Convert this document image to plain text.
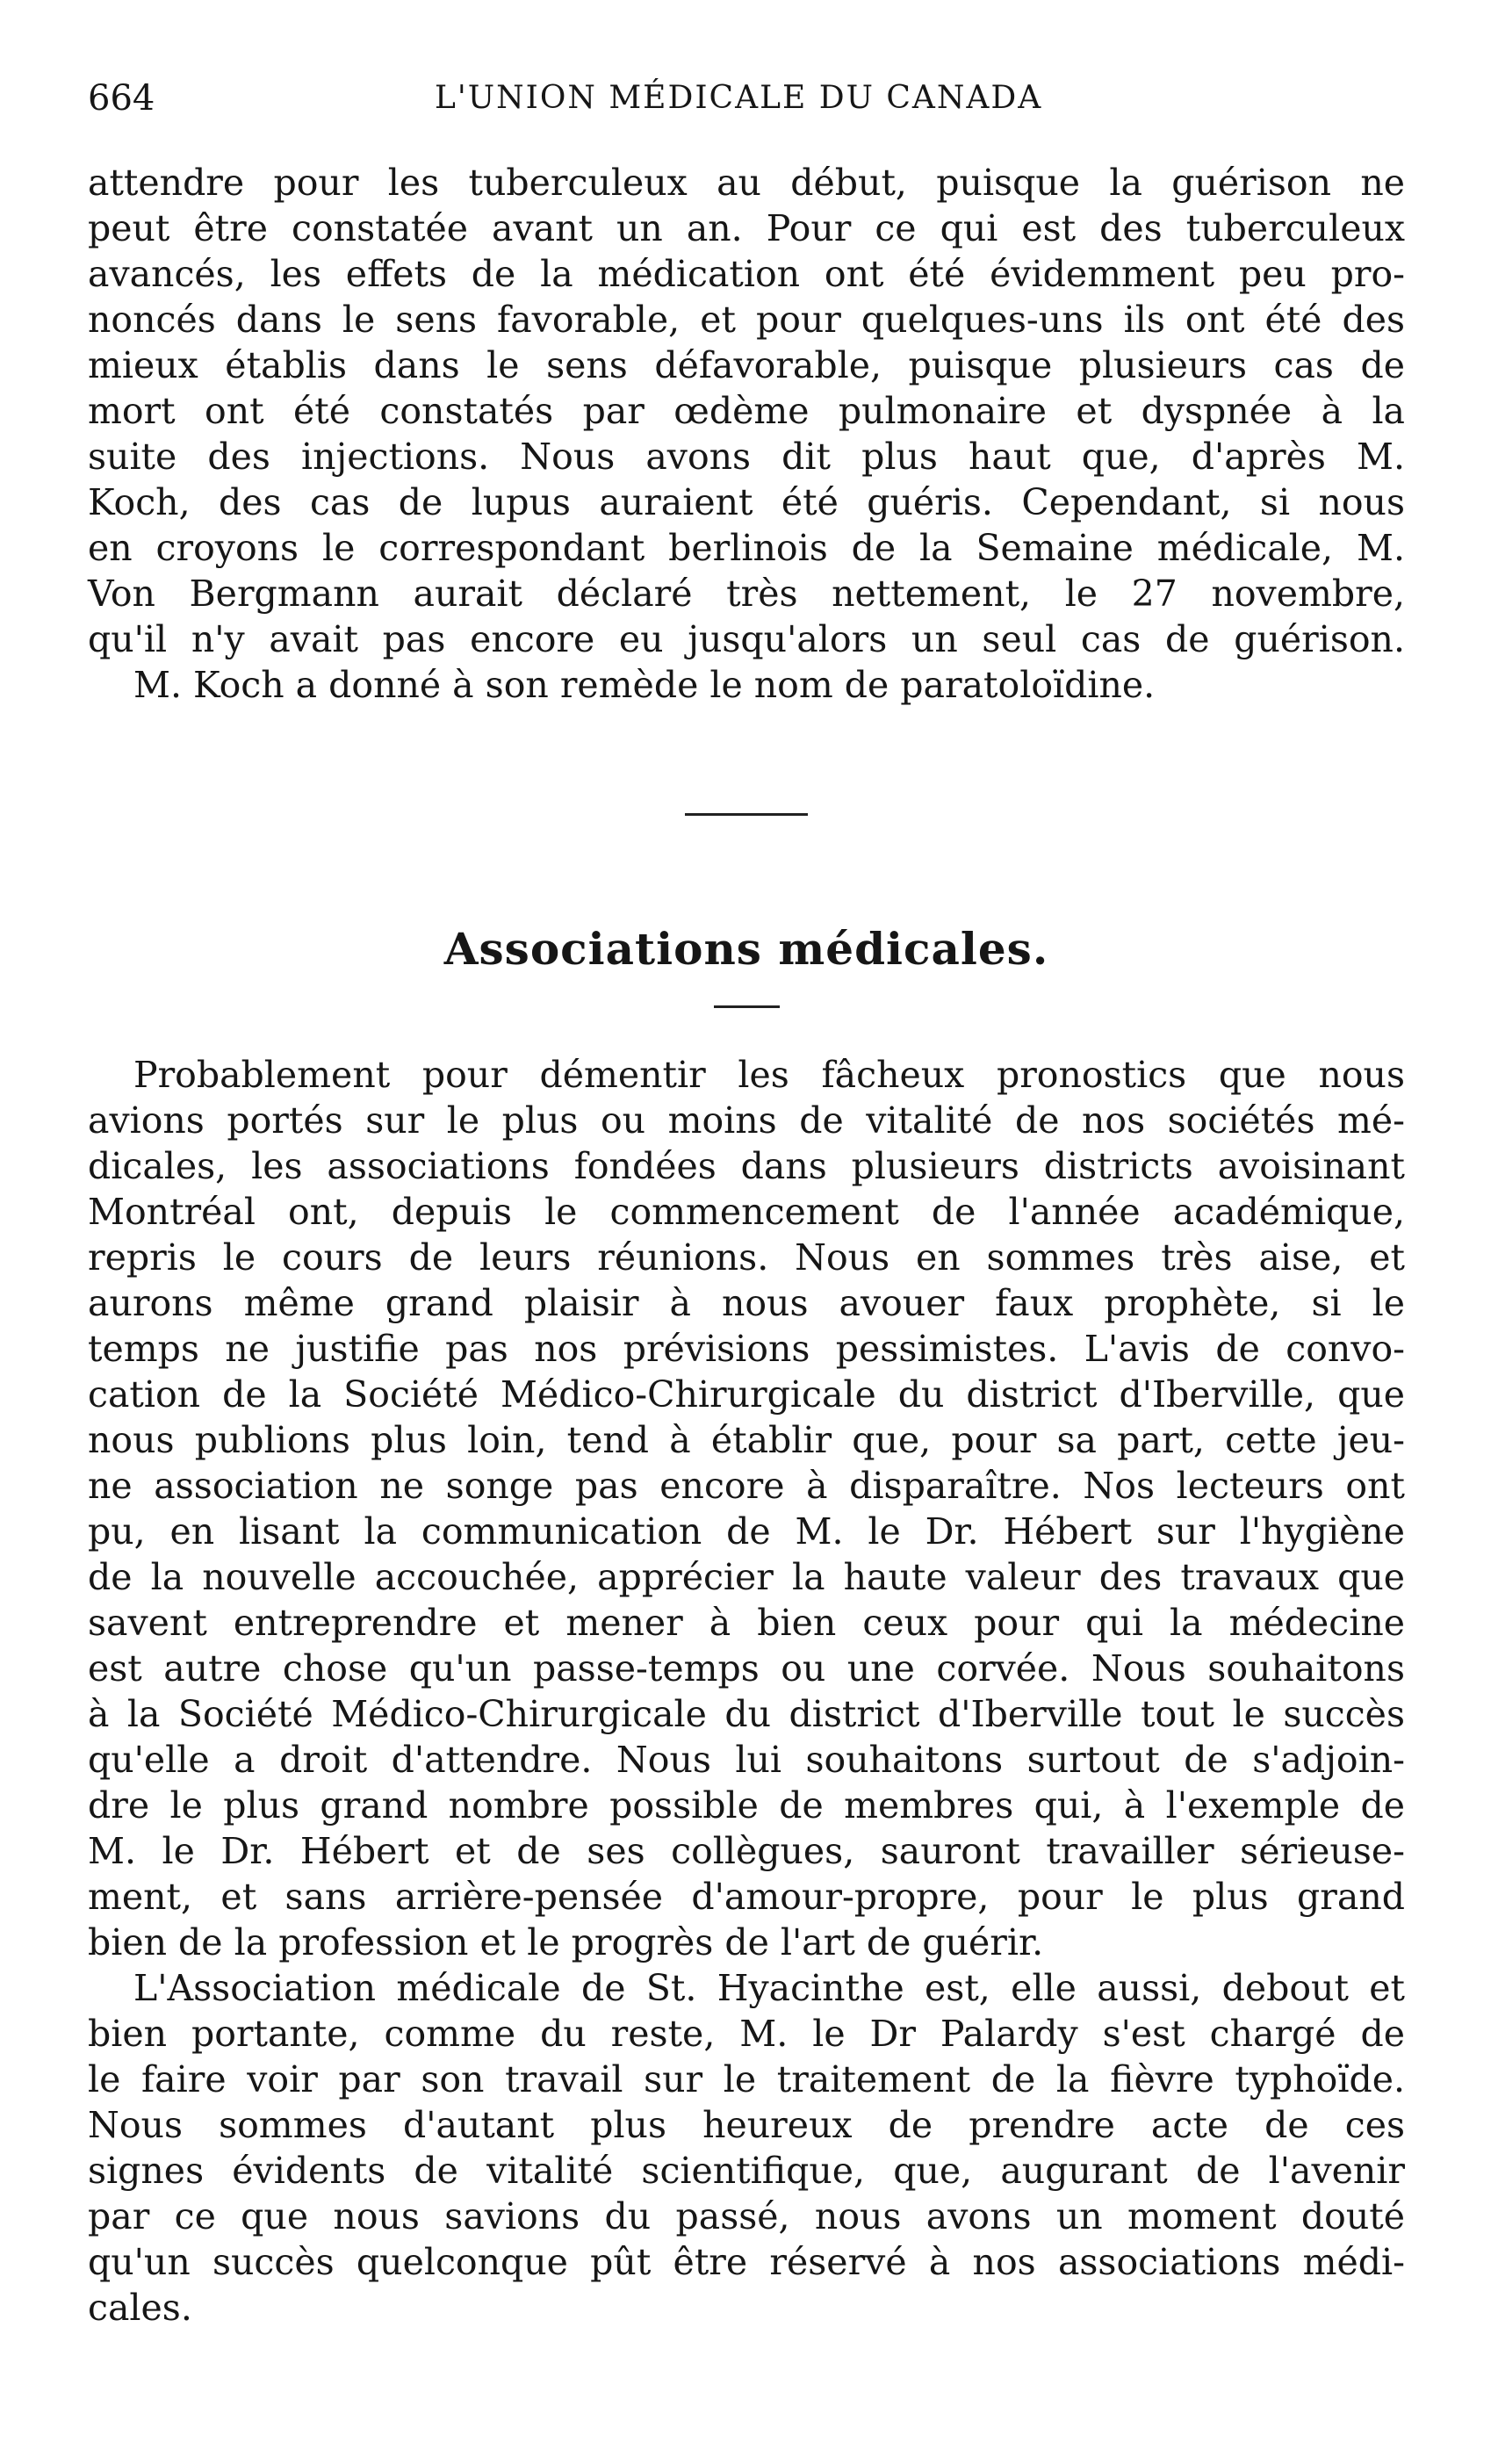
664	L'UNION MÉDICALE DU CANADA
attendre pour les tuberculeux au début, puisque la guérison ne
peut être constatée avant un an. Pour ce qui est des tuberculeux
avancés, les effets de la médication ont été évidemment peu pro-
noncés dans le sens favorable, et pour quelques-uns ils ont été des
mieux établis dans le sens défavorable, puisque plusieurs cas de
mort ont été constatés par œdème pulmonaire et dyspnée à la
suite des injections. Nous avons dit plus haut que, d'après M.
Koch, des cas de lupus auraient été guéris. Cependant, si nous
en croyons le correspondant berlinois de la Semaine médicale, M.
Von Bergmann aurait déclaré très nettement, le 27 novembre,
qu'il n'y avait pas encore eu jusqu'alors un seul cas de guérison.
M. Koch a donné à son remède le nom de paratoloïdine.
Associations médicales.
Probablement pour démentir les fâcheux pronostics que nous
avions portés sur le plus ou moins de vitalité de nos sociétés mé-
dicales, les associations fondées dans plusieurs districts avoisinant
Montréal ont, depuis le commencement de l'année académique,
repris le cours de leurs réunions. Nous en sommes très aise, et
aurons même grand plaisir à nous avouer faux prophète, si le
temps ne justifie pas nos prévisions pessimistes. L'avis de convo-
cation de la Société Médico-Chirurgicale du district d'Iberville, que
nous publions plus loin, tend à établir que, pour sa part, cette jeu-
ne association ne songe pas encore à disparaître. Nos lecteurs ont
pu, en lisant la communication de M. le Dr. Hébert sur l'hygiène
de la nouvelle accouchée, apprécier la haute valeur des travaux que
savent entreprendre et mener à bien ceux pour qui la médecine
est autre chose qu'un passe-temps ou une corvée. Nous souhaitons
à la Société Médico-Chirurgicale du district d'Iberville tout le succès
qu'elle a droit d'attendre. Nous lui souhaitons surtout de s'adjoin-
dre le plus grand nombre possible de membres qui, à l'exemple de
M. le Dr. Hébert et de ses collègues, sauront travailler sérieuse-
ment, et sans arrière-pensée d'amour-propre, pour le plus grand
bien de la profession et le progrès de l'art de guérir.
L'Association médicale de St. Hyacinthe est, elle aussi, debout et
bien portante, comme du reste, M. le Dr Palardy s'est chargé de
le faire voir par son travail sur le traitement de la fièvre typhoïde.
Nous sommes d'autant plus heureux de prendre acte de ces
signes évidents de vitalité scientifique, que, augurant de l'avenir
par ce que nous savions du passé, nous avons un moment douté
qu'un succès quelconque pût être réservé à nos associations médi-
cales.
